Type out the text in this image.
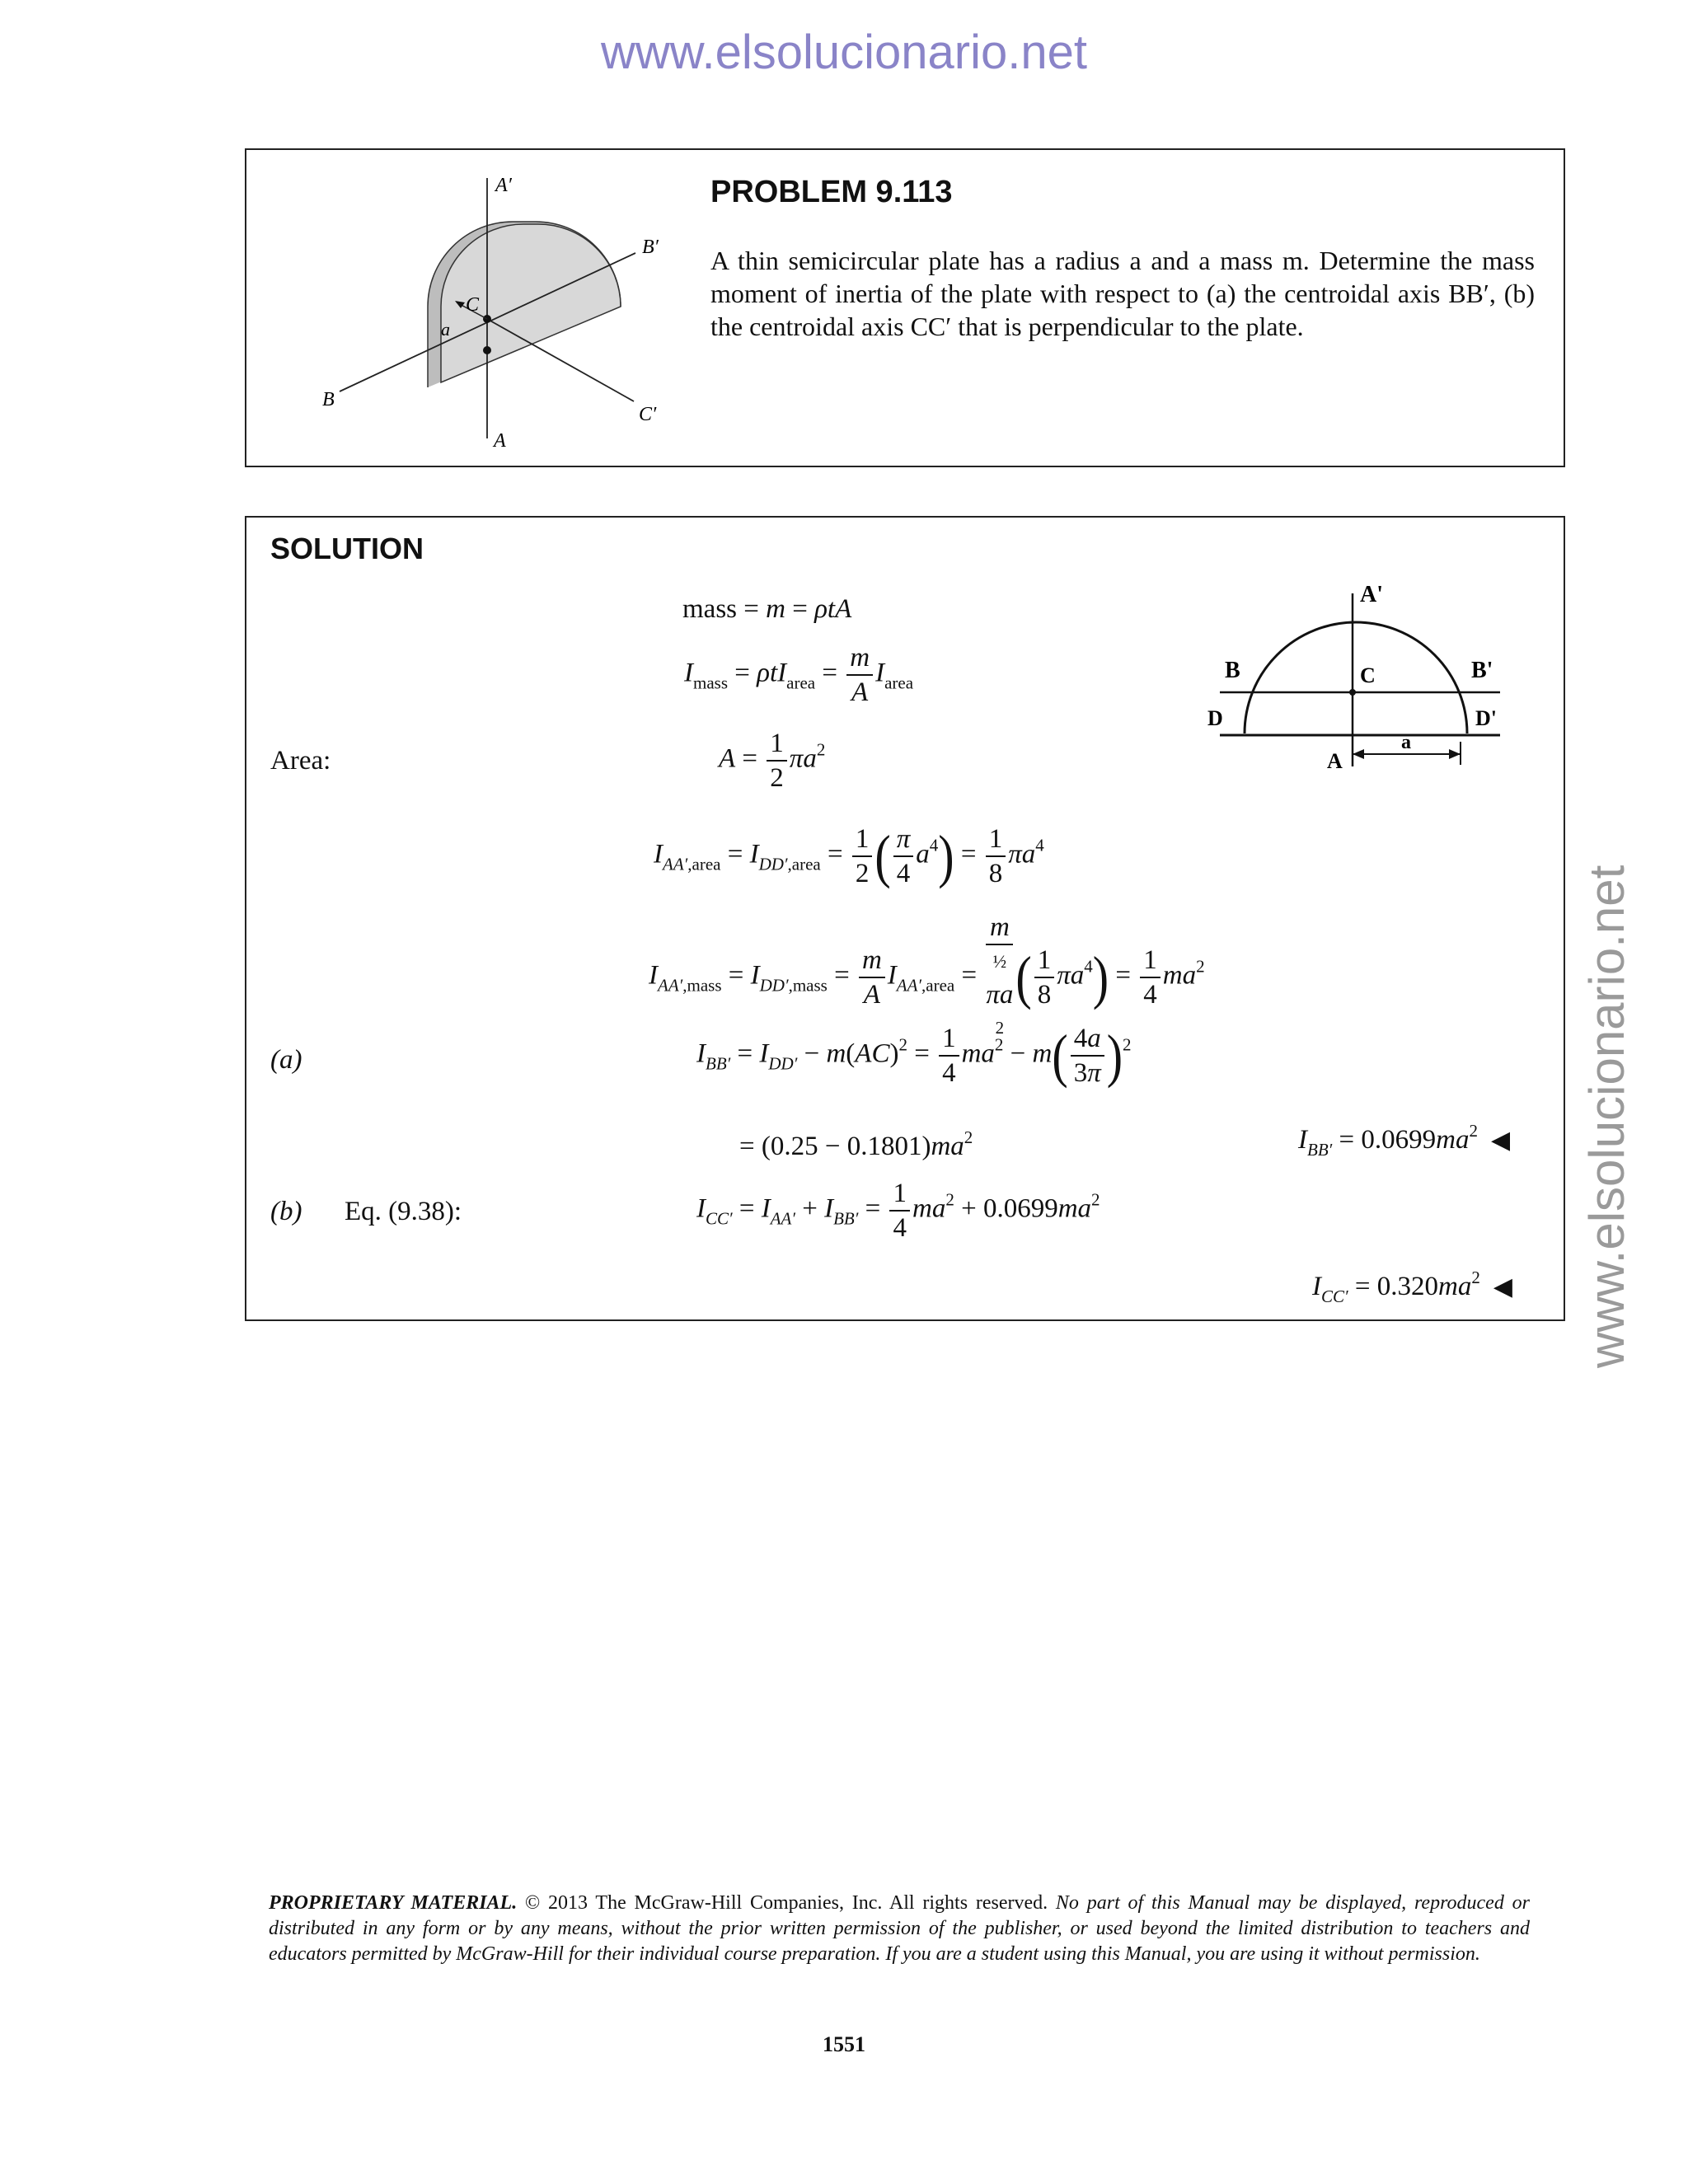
www.elsolucionario.net
www.elsolucionario.net
A′
B′
C
a
B
C′
A
PROBLEM 9.113
A thin semicircular plate has a radius a and a mass m. Determine the mass moment of inertia of the plate with respect to (a) the centroidal axis BB′, (b) the centroidal axis CC′ that is perpendicular to the plate.
SOLUTION
A'
B	C	B'
D	D'
A
a
mass = m = ρtA
$I_{mass} = \rho tI_{area} = \frac{m}{A} I_{area}$
Area:	$A = \frac{1}{2} \pi a^2$
$I_{AA',area} = I_{DD',area} = \frac{1}{2}$ ( $\frac{\pi}{4} a^4) = \frac{1}{8} \pi a^4$
$I_{AA',mass} = I_{DD',mass} = \frac{m}{A} I_{AA',area} = m$
½
πa
2 ( $\frac{1}{8} \pi a^4) = \frac{1}{4} ma^2$
(a)	$I_{BB'} = I_{DD'} - m(AC)^2 = \frac{1}{4} ma^2 - m( \frac{4a}{3\pi} )^2$
= $(0.25 - 0.1801)ma^2$	$I_{BB'} = 0.0699ma^2$ ◀
(b) Eq. (9.38):	$I_{CC'} = I_{AA'} + I_{BB'} = \frac{1}{4} ma^2 + 0.0699ma^2$
$I_{CC'} = 0.320ma^2$ ◀
PROPRIETARY MATERIAL. © 2013 The McGraw-Hill Companies, Inc. All rights reserved. No part of this Manual may be displayed, reproduced or distributed in any form or by any means, without the prior written permission of the publisher, or used beyond the limited distribution to teachers and educators permitted by McGraw-Hill for their individual course preparation. If you are a student using this Manual, you are using it without permission.
1551
